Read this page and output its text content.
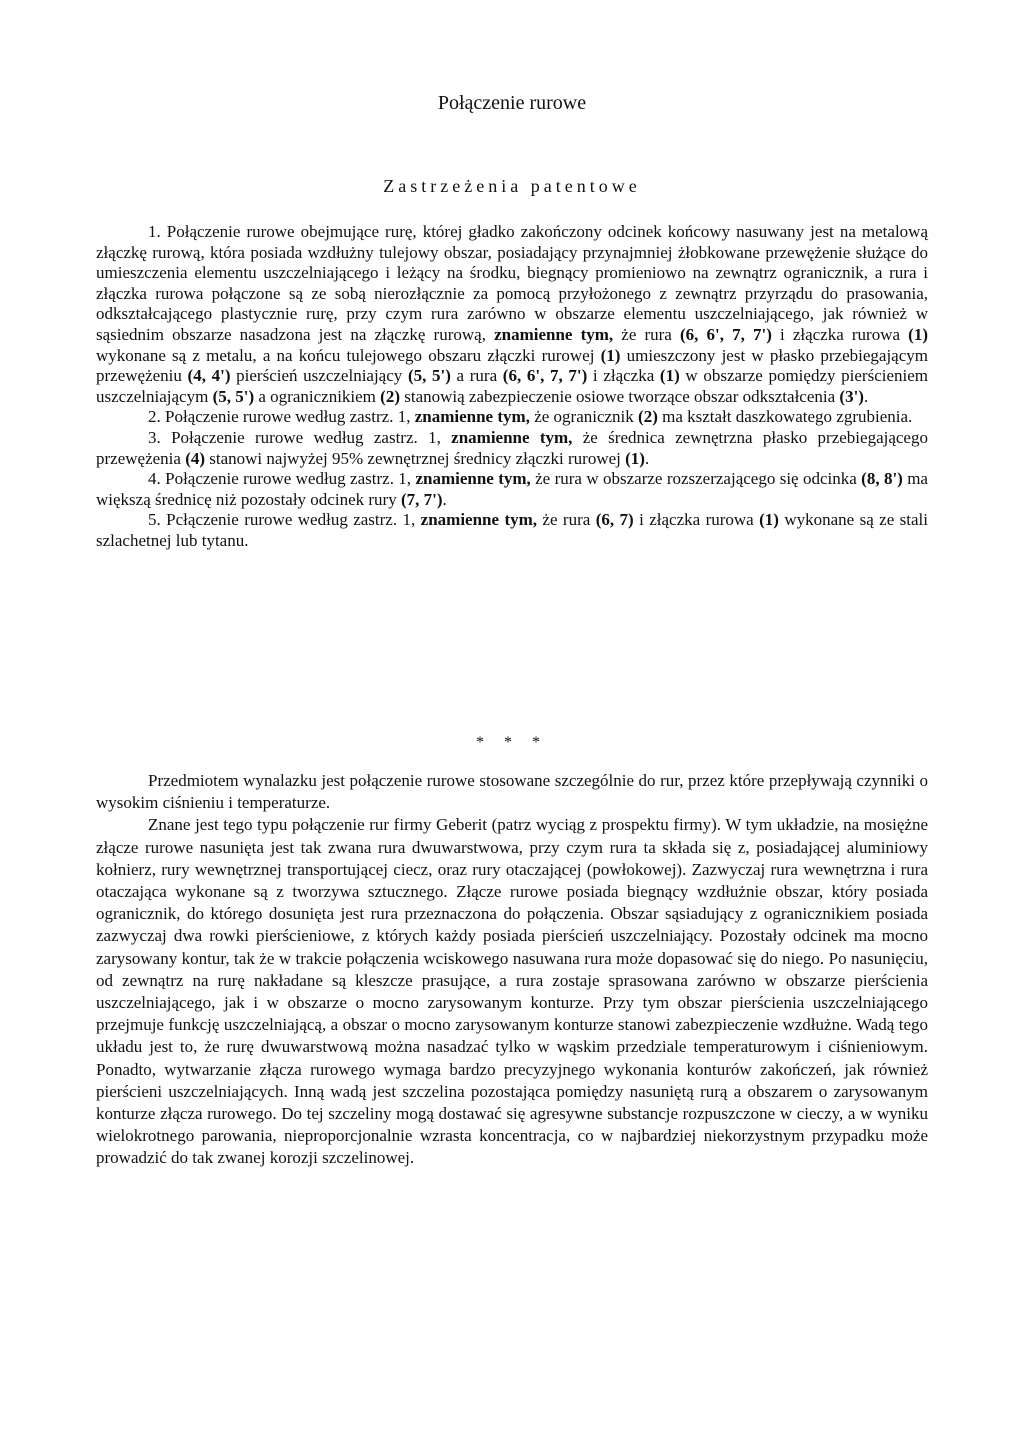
Połączenie rurowe
Zastrzeżenia patentowe

1. Połączenie rurowe obejmujące rurę, której gładko zakończony odcinek końcowy nasuwany jest na metalową złączkę rurową, która posiada wzdłużny tulejowy obszar, posiadający przynajmniej żłobkowane przewężenie służące do umieszczenia elementu uszczelniającego i leżący na środku, biegnący promieniowo na zewnątrz ogranicznik, a rura i złączka rurowa połączone są ze sobą nierozłącznie za pomocą przyłożonego z zewnątrz przyrządu do prasowania, odkształcającego plastycznie rurę, przy czym rura zarówno w obszarze elementu uszczelniającego, jak również w sąsiednim obszarze nasadzona jest na złączkę rurową, znamienne tym, że rura (6, 6', 7, 7') i złączka rurowa (1) wykonane są z metalu, a na końcu tulejowego obszaru złączki rurowej (1) umieszczony jest w płasko przebiegającym przewężeniu (4, 4') pierścień uszczelniający (5, 5') a rura (6, 6', 7, 7') i złączka (1) w obszarze pomiędzy pierścieniem uszczelniającym (5, 5') a ogranicznikiem (2) stanowią zabezpieczenie osiowe tworzące obszar odkształcenia (3').

2. Połączenie rurowe według zastrz. 1, znamienne tym, że ogranicznik (2) ma kształt daszkowatego zgrubienia.

3. Połączenie rurowe według zastrz. 1, znamienne tym, że średnica zewnętrzna płasko przebiegającego przewężenia (4) stanowi najwyżej 95% zewnętrznej średnicy złączki rurowej (1).

4. Połączenie rurowe według zastrz. 1, znamienne tym, że rura w obszarze rozszerzającego się odcinka (8, 8') ma większą średnicę niż pozostały odcinek rury (7, 7').

5. Pcłączenie rurowe według zastrz. 1, znamienne tym, że rura (6, 7) i złączka rurowa (1) wykonane są ze stali szlachetnej lub tytanu.

* * *

Przedmiotem wynalazku jest połączenie rurowe stosowane szczególnie do rur, przez które przepływają czynniki o wysokim ciśnieniu i temperaturze.

Znane jest tego typu połączenie rur firmy Geberit (patrz wyciąg z prospektu firmy). W tym układzie, na mosiężne złącze rurowe nasunięta jest tak zwana rura dwuwarstwowa, przy czym rura ta składa się z, posiadającej aluminiowy kołnierz, rury wewnętrznej transportującej ciecz, oraz rury otaczającej (powłokowej). Zazwyczaj rura wewnętrzna i rura otaczająca wykonane są z tworzywa sztucznego. Złącze rurowe posiada biegnący wzdłużnie obszar, który posiada ogranicznik, do którego dosunięta jest rura przeznaczona do połączenia. Obszar sąsiadujący z ogranicznikiem posiada zazwyczaj dwa rowki pierścieniowe, z których każdy posiada pierścień uszczelniający. Pozostały odcinek ma mocno zarysowany kontur, tak że w trakcie połączenia wciskowego nasuwana rura może dopasować się do niego. Po nasunięciu, od zewnątrz na rurę nakładane są kleszcze prasujące, a rura zostaje sprasowana zarówno w obszarze pierścienia uszczelniającego, jak i w obszarze o mocno zarysowanym konturze. Przy tym obszar pierścienia uszczelniającego przejmuje funkcję uszczelniającą, a obszar o mocno zarysowanym konturze stanowi zabezpieczenie wzdłużne. Wadą tego układu jest to, że rurę dwuwarstwową można nasadzać tylko w wąskim przedziale temperaturowym i ciśnieniowym. Ponadto, wytwarzanie złącza rurowego wymaga bardzo precyzyjnego wykonania konturów zakończeń, jak również pierścieni uszczelniających. Inną wadą jest szczelina pozostająca pomiędzy nasuniętą rurą a obszarem o zarysowanym konturze złącza rurowego. Do tej szczeliny mogą dostawać się agresywne substancje rozpuszczone w cieczy, a w wyniku wielokrotnego parowania, nieproporcjonalnie wzrasta koncentracja, co w najbardziej niekorzystnym przypadku może prowadzić do tak zwanej korozji szczelinowej.
